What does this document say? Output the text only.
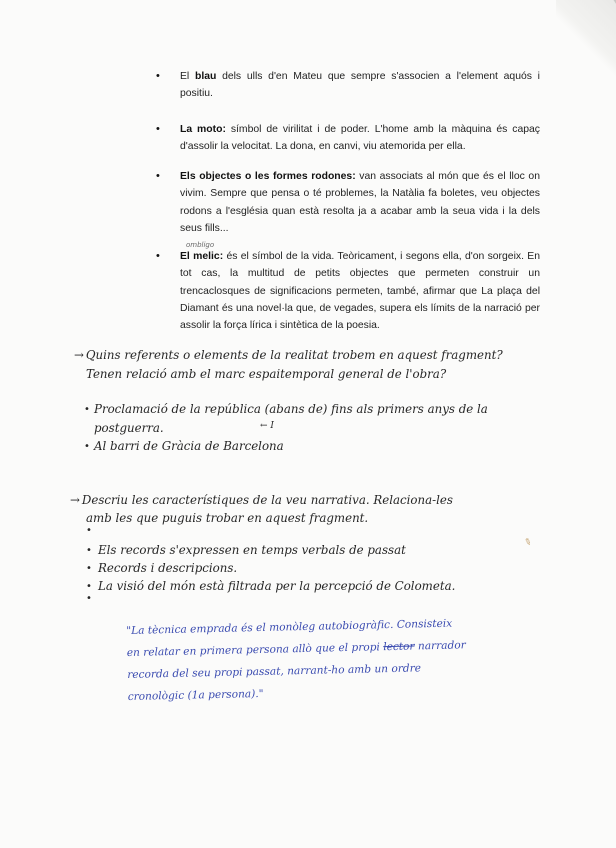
•	El blau dels ulls d'en Mateu que sempre s'associen a l'element aquós i positiu.
•	La moto: símbol de virilitat i de poder. L'home amb la màquina és capaç d'assolir la velocitat. La dona, en canvi, viu atemorida per ella.
•	Els objectes o les formes rodones: van associats al món que és el lloc on vivim. Sempre que pensa o té problemes, la Natàlia fa boletes, veu objectes rodons a l'església quan està resolta ja a acabar amb la seua vida i la dels seus fills...
ombligo
•	El melic: és el símbol de la vida. Teòricament, i segons ella, d'on sorgeix. En tot cas, la multitud de petits objectes que permeten construir un trencaclosques de significacions permeten, també, afirmar que La plaça del Diamant és una novel·la que, de vegades, supera els límits de la narració per assolir la força lírica i sintètica de la poesia.
→ Quins referents o elements de la realitat trobem en aquest fragment?
Tenen relació amb el marc espaitemporal general de l'obra?
• Proclamació de la república (abans de) fins als primers anys de la postguerra.	← I
• Al barri de Gràcia de Barcelona
→ Descriu les característiques de la veu narrativa. Relaciona-les
amb les que puguis trobar en aquest fragment.
•
• Els records s'expressen en temps verbals de passat
• Records i descripcions.
• La visió del món està filtrada per la percepció de Colometa.
•
✎
"La tècnica emprada és el monòleg autobiogràfic. Consisteix
en relatar en primera persona allò que el propi lector narrador
recorda del seu propi passat, narrant-ho amb un ordre
cronològic (1a persona)."
